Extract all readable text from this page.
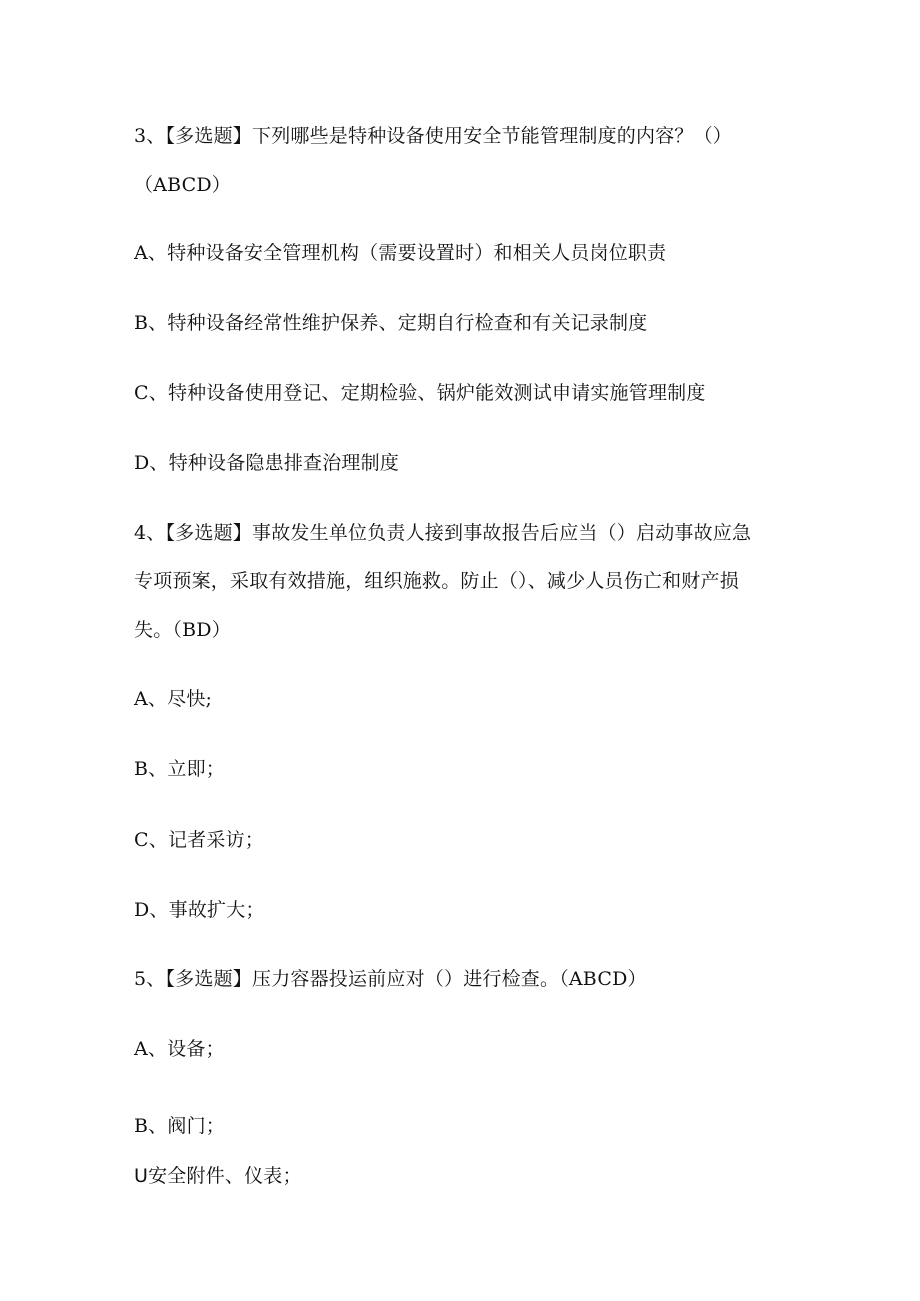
3、【多选题】下列哪些是特种设备使用安全节能管理制度的内容？（）
（ABCD）
A、特种设备安全管理机构（需要设置时）和相关人员岗位职责
B、特种设备经常性维护保养、定期自行检查和有关记录制度
C、特种设备使用登记、定期检验、锅炉能效测试申请实施管理制度
D、特种设备隐患排查治理制度
4、【多选题】事故发生单位负责人接到事故报告后应当（）启动事故应急
专项预案，采取有效措施，组织施救。防止（）、减少人员伤亡和财产损
失。（BD）
A、尽快;
B、立即；
C、记者采访；
D、事故扩大；
5、【多选题】压力容器投运前应对（）进行检查。（ABCD）
A、设备；
B、阀门；
U安全附件、仪表；
